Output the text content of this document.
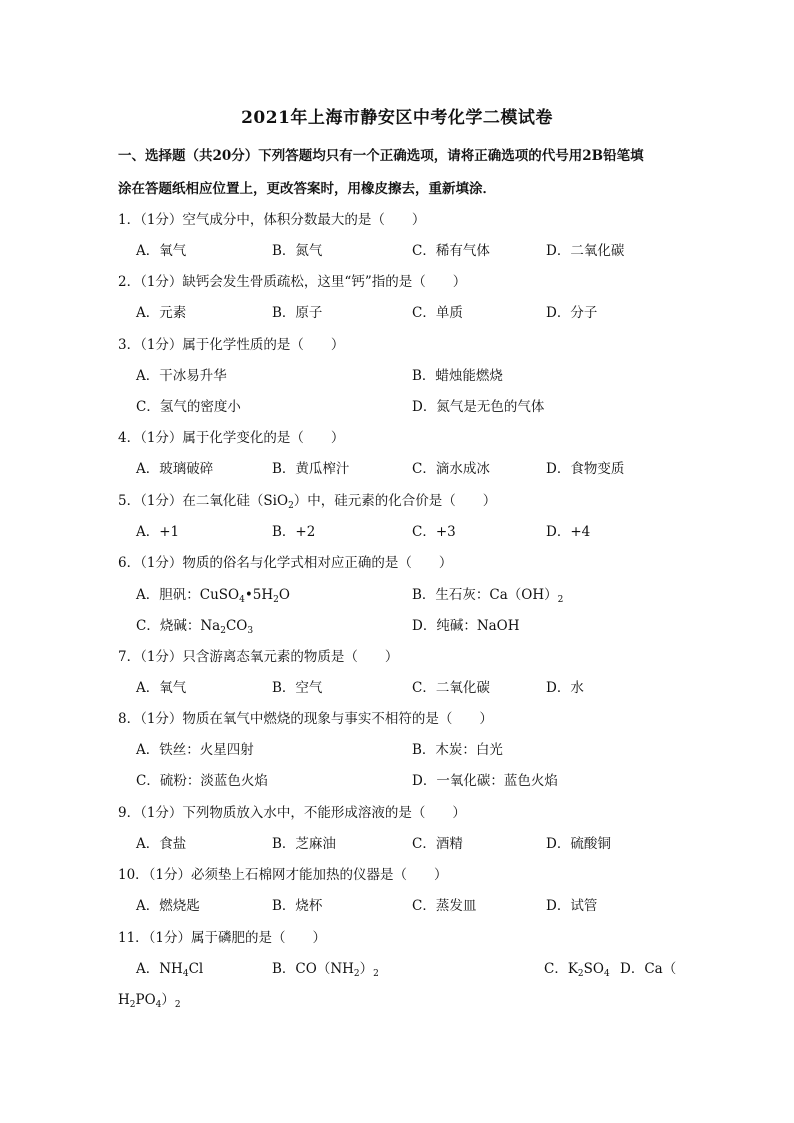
2021年上海市静安区中考化学二模试卷
一、选择题（共20分）下列答题均只有一个正确选项，请将正确选项的代号用2B铅笔填
涂在答题纸相应位置上，更改答案时，用橡皮擦去，重新填涂．
1．（1分）空气成分中，体积分数最大的是（　　）
A．氧气	B．氮气	C．稀有气体	D．二氧化碳
2．（1分）缺钙会发生骨质疏松，这里“钙”指的是（　　）
A．元素	B．原子	C．单质	D．分子
3．（1分）属于化学性质的是（　　）
A．干冰易升华	B．蜡烛能燃烧
C．氢气的密度小	D．氮气是无色的气体
4．（1分）属于化学变化的是（　　）
A．玻璃破碎	B．黄瓜榨汁	C．滴水成冰	D．食物变质
5．（1分）在二氧化硅（SiO$_2$）中，硅元素的化合价是（　　）
A．+1	B．+2	C．+3	D．+4
6．（1分）物质的俗名与化学式相对应正确的是（　　）
A．胆矾：$CuSO_4•5H_2O$	B．生石灰：$Ca(OH)_2$
C．烧碱：$Na_2CO_3$	D．纯碱：NaOH
7．（1分）只含游离态氧元素的物质是（　　）
A．氧气	B．空气	C．二氧化碳	D．水
8．（1分）物质在氧气中燃烧的现象与事实不相符的是（　　）
A．铁丝：火星四射	B．木炭：白光
C．硫粉：淡蓝色火焰	D．一氧化碳：蓝色火焰
9．（1分）下列物质放入水中，不能形成溶液的是（　　）
A．食盐	B．芝麻油	C．酒精	D．硫酸铜
10．（1分）必须垫上石棉网才能加热的仪器是（　　）
A．燃烧匙	B．烧杯	C．蒸发皿	D．试管
11．（1分）属于磷肥的是（　　）
A．$NH_4Cl$	B．$CO(NH_2)_2$	C．$K_2SO_4$ D．Ca（
$H_2PO_4)_2$
